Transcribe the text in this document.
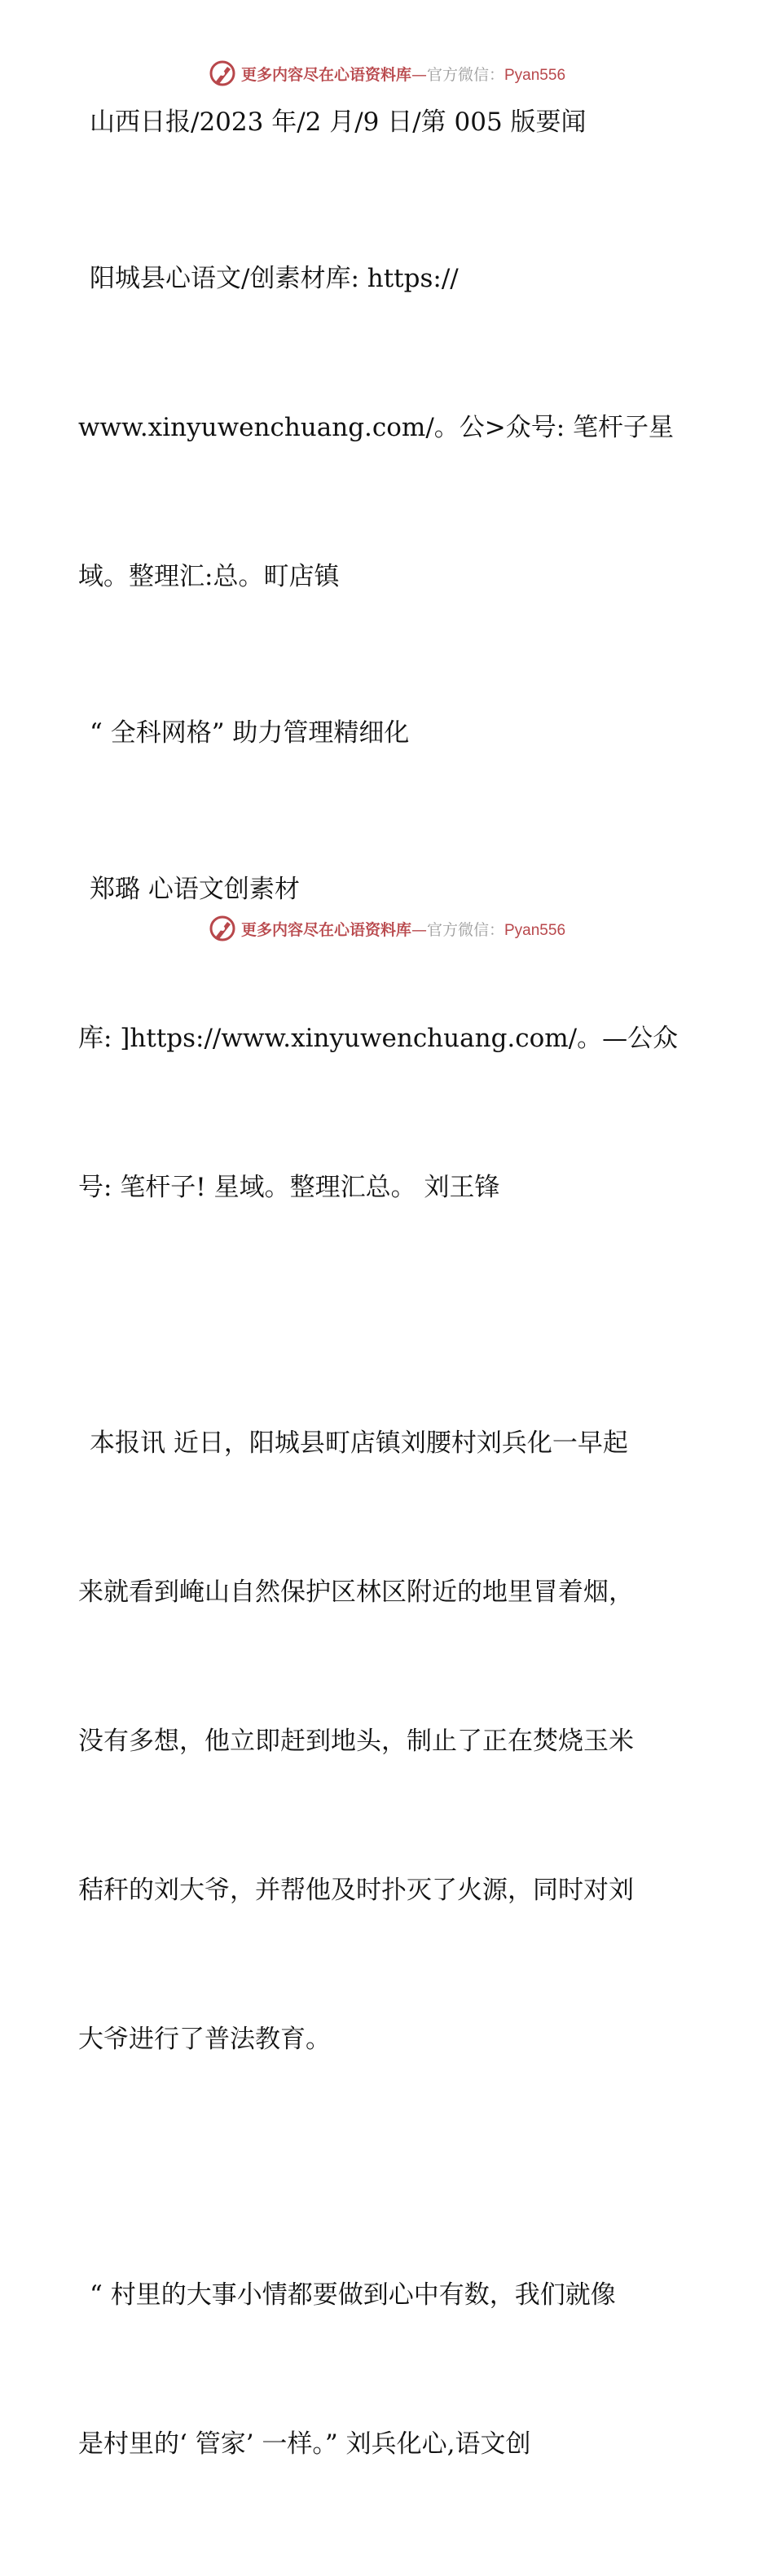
更多内容尽在心语资料库—官方微信：Pyan556
山西日报/2023 年/2 月/9 日/第 005 版要闻

阳城县心语文/创素材库: https://

www.xinyuwenchuang.com/。公>众号: 笔杆子星

域。整理汇:总。町店镇

“ 全科网格” 助力管理精细化

郑璐 心语文创素材

库: ]https://www.xinyuwenchuang.com/。—公众

号: 笔杆子! 星域。整理汇总。 刘王锋

本报讯 近日，阳城县町店镇刘腰村刘兵化一早起

来就看到崦山自然保护区林区附近的地里冒着烟，

没有多想，他立即赶到地头，制止了正在焚烧玉米

秸秆的刘大爷，并帮他及时扑灭了火源，同时对刘

大爷进行了普法教育。

“ 村里的大事小情都要做到心中有数，我们就像

是村里的‘ 管家’ 一样。” 刘兵化心,语文创

更多内容尽在心语资料库—官方微信：Pyan556
